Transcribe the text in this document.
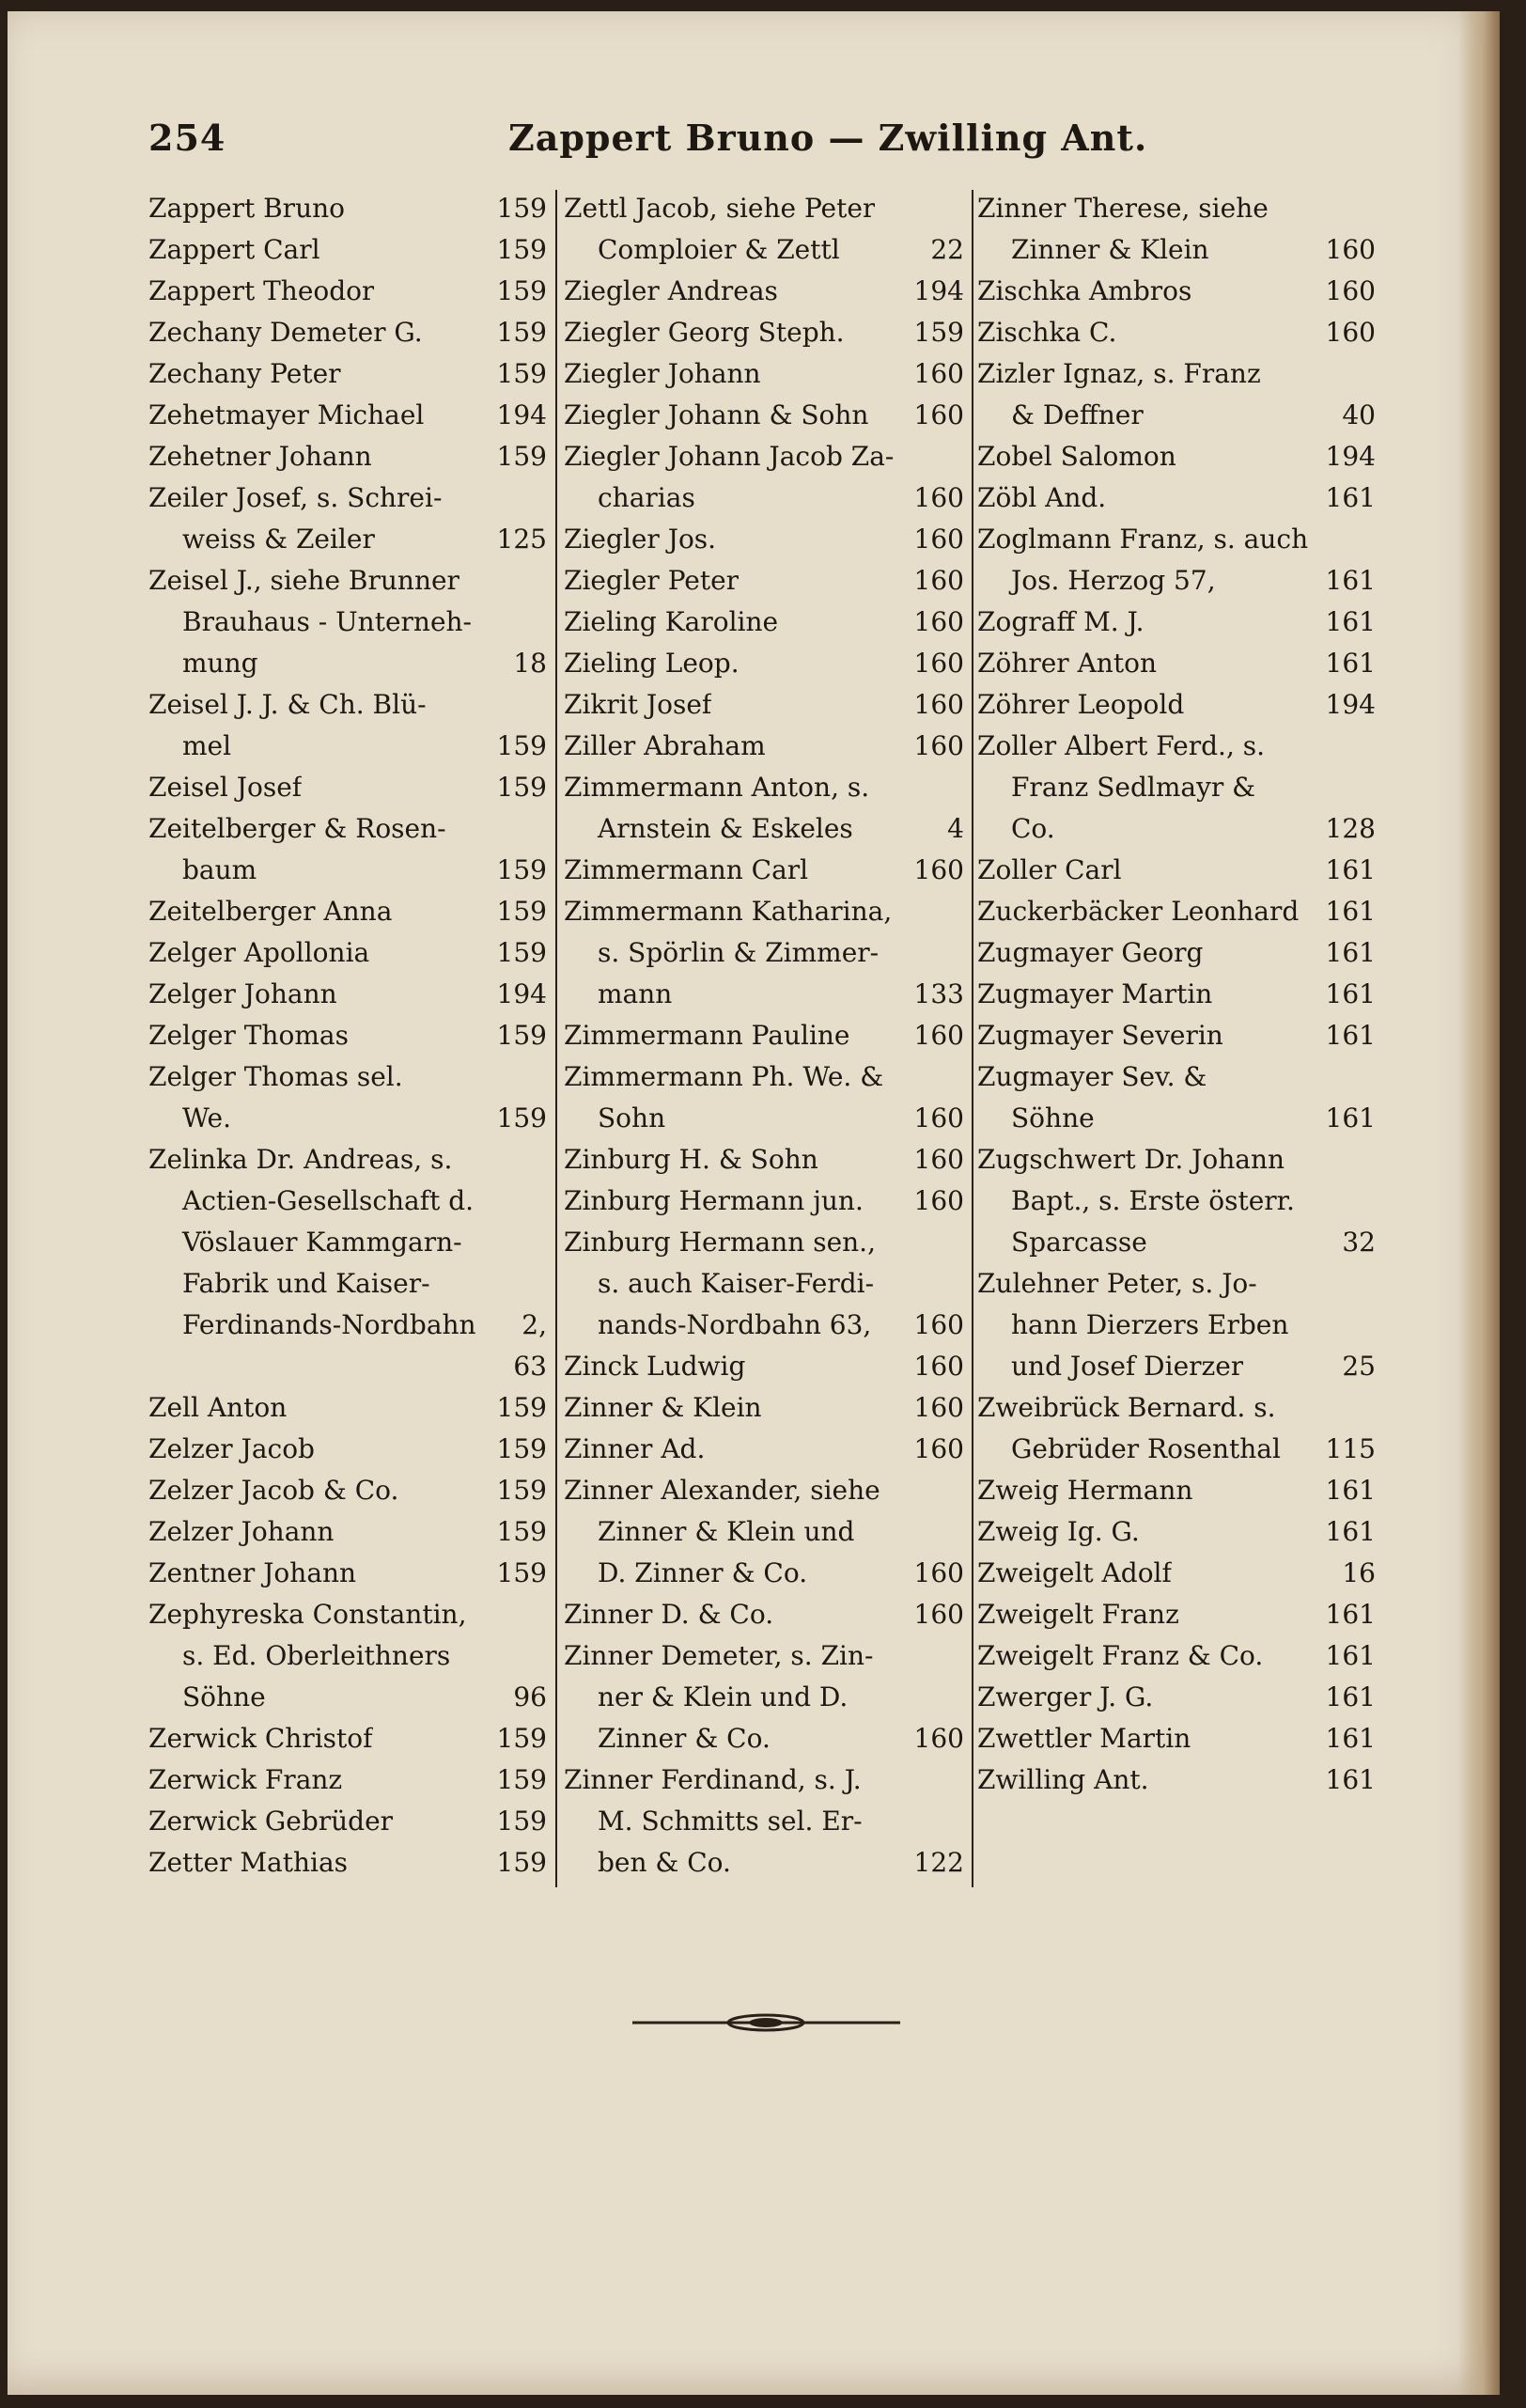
254	Zappert Bruno — Zwilling Ant.
Zappert Bruno	159
Zappert Carl	159
Zappert Theodor	159
Zechany Demeter G.	159
Zechany Peter	159
Zehetmayer Michael	194
Zehetner Johann	159
Zeiler Josef, s. Schrei-
weiss & Zeiler	125
Zeisel J., siehe Brunner
Brauhaus - Unterneh-
mung	18
Zeisel J. J. & Ch. Blü-
mel	159
Zeisel Josef	159
Zeitelberger & Rosen-
baum	159
Zeitelberger Anna	159
Zelger Apollonia	159
Zelger Johann	194
Zelger Thomas	159
Zelger Thomas sel.
We.	159
Zelinka Dr. Andreas, s.
Actien-Gesellschaft d.
Vöslauer Kammgarn-
Fabrik und Kaiser-
Ferdinands-Nordbahn	2,
63
Zell Anton	159
Zelzer Jacob	159
Zelzer Jacob & Co.	159
Zelzer Johann	159
Zentner Johann	159
Zephyreska Constantin,
s. Ed. Oberleithners
Söhne	96
Zerwick Christof	159
Zerwick Franz	159
Zerwick Gebrüder	159
Zetter Mathias	159
Zettl Jacob, siehe Peter
Comploier & Zettl	22
Ziegler Andreas	194
Ziegler Georg Steph.	159
Ziegler Johann	160
Ziegler Johann & Sohn 160
Ziegler Johann Jacob Za-
charias	160
Ziegler Jos.	160
Ziegler Peter	160
Zieling Karoline	160
Zieling Leop.	160
Zikrit Josef	160
Ziller Abraham	160
Zimmermann Anton, s.
Arnstein & Eskeles	4
Zimmermann Carl	160
Zimmermann Katharina,
s. Spörlin & Zimmer-
mann	133
Zimmermann Pauline 160
Zimmermann Ph. We. &
Sohn	160
Zinburg H. & Sohn	160
Zinburg Hermann jun. 160
Zinburg Hermann sen.,
s. auch Kaiser-Ferdi-
nands-Nordbahn 63, 160
Zinck Ludwig	160
Zinner & Klein	160
Zinner Ad.	160
Zinner Alexander, siehe
Zinner & Klein und
D. Zinner & Co.	160
Zinner D. & Co.	160
Zinner Demeter, s. Zin-
ner & Klein und D.
Zinner & Co.	160
Zinner Ferdinand, s. J.
M. Schmitts sel. Er-
ben & Co.	122
Zinner Therese, siehe
Zinner & Klein	160
Zischka Ambros	160
Zischka C.	160
Zizler Ignaz, s. Franz
& Deffner	40
Zobel Salomon	194
Zöbl And.	161
Zoglmann Franz, s. auch
Jos. Herzog 57,	161
Zograff M. J.	161
Zöhrer Anton	161
Zöhrer Leopold	194
Zoller Albert Ferd., s.
Franz Sedlmayr &
Co.	128
Zoller Carl	161
Zuckerbäcker Leonhard 161
Zugmayer Georg	161
Zugmayer Martin	161
Zugmayer Severin	161
Zugmayer Sev. &
Söhne	161
Zugschwert Dr. Johann
Bapt., s. Erste österr.
Sparcasse	32
Zulehner Peter, s. Jo-
hann Dierzers Erben
und Josef Dierzer	25
Zweibrück Bernard. s.
Gebrüder Rosenthal 115
Zweig Hermann	161
Zweig Ig. G.	161
Zweigelt Adolf	16
Zweigelt Franz	161
Zweigelt Franz & Co. 161
Zwerger J. G.	161
Zwettler Martin	161
Zwilling Ant.	161
